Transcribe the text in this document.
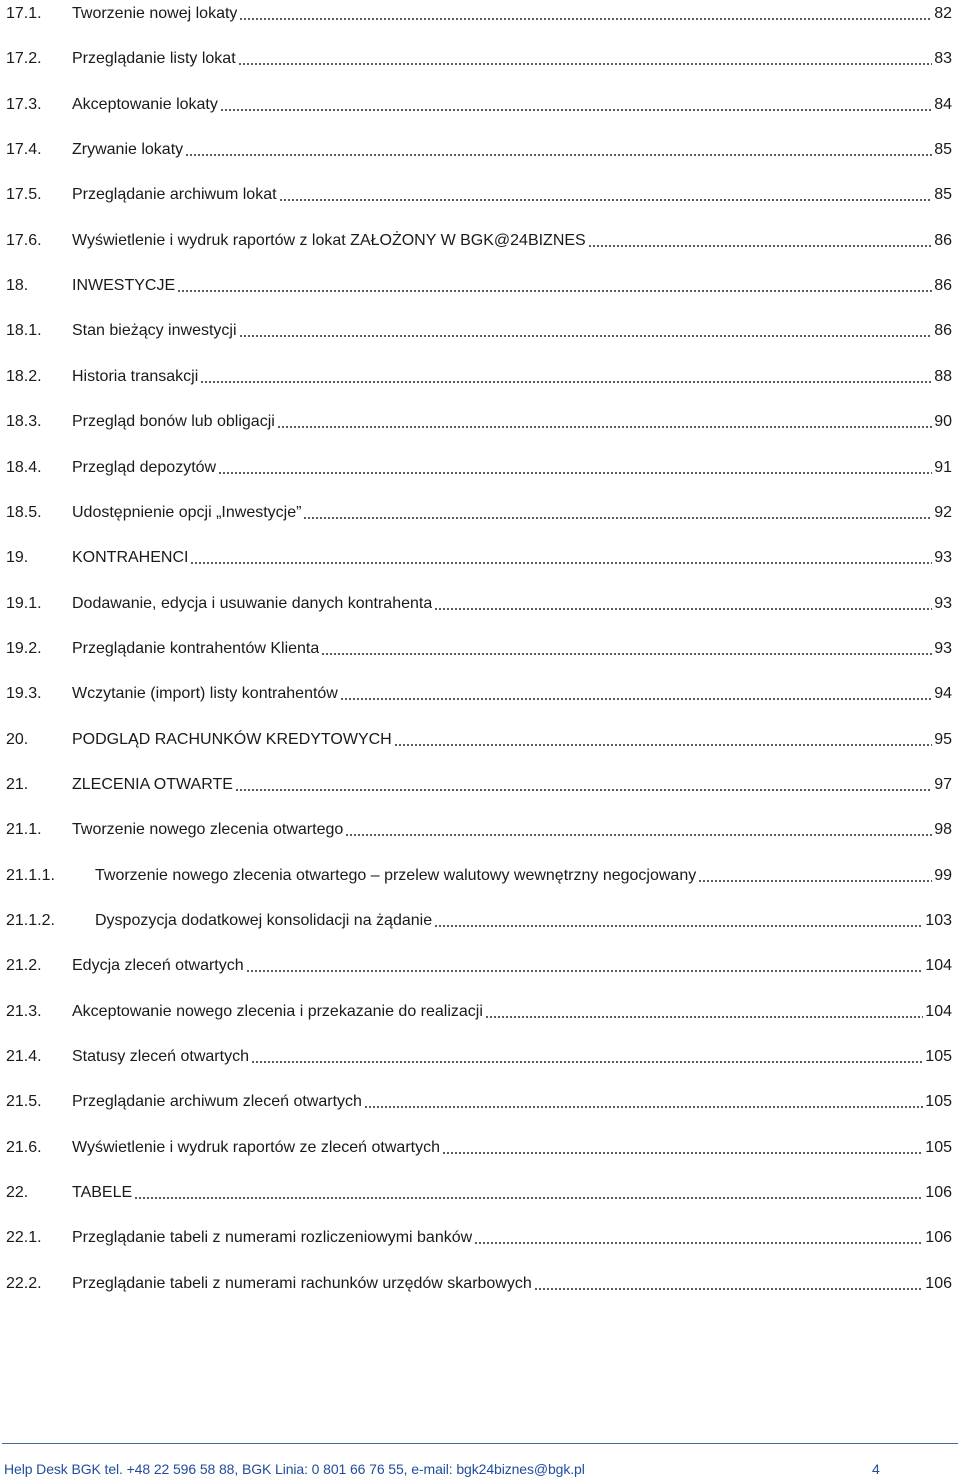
17.1.	Tworzenie nowej lokaty	82
17.2.	Przeglądanie listy lokat	83
17.3.	Akceptowanie lokaty	84
17.4.	Zrywanie lokaty	85
17.5.	Przeglądanie archiwum lokat	85
17.6.	Wyświetlenie i wydruk raportów z lokat ZAŁOŻONY W BGK@24BIZNES	86
18.	INWESTYCJE	86
18.1.	Stan bieżący inwestycji	86
18.2.	Historia transakcji	88
18.3.	Przegląd bonów lub obligacji	90
18.4.	Przegląd depozytów	91
18.5.	Udostępnienie opcji „Inwestycje”	92
19.	KONTRAHENCI	93
19.1.	Dodawanie, edycja i usuwanie danych kontrahenta	93
19.2.	Przeglądanie kontrahentów Klienta	93
19.3.	Wczytanie (import) listy kontrahentów	94
20.	PODGLĄD RACHUNKÓW KREDYTOWYCH	95
21.	ZLECENIA OTWARTE	97
21.1.	Tworzenie nowego zlecenia otwartego	98
21.1.1.	Tworzenie nowego zlecenia otwartego – przelew walutowy wewnętrzny negocjowany	99
21.1.2.	Dyspozycja dodatkowej konsolidacji na żądanie	103
21.2.	Edycja zleceń otwartych	104
21.3.	Akceptowanie nowego zlecenia i przekazanie do realizacji	104
21.4.	Statusy zleceń otwartych	105
21.5.	Przeglądanie archiwum zleceń otwartych	105
21.6.	Wyświetlenie i wydruk raportów ze zleceń otwartych	105
22.	TABELE	106
22.1.	Przeglądanie tabeli z numerami rozliczeniowymi banków	106
22.2.	Przeglądanie tabeli z numerami rachunków urzędów skarbowych	106
Help Desk BGK tel. +48 22 596 58 88, BGK Linia: 0 801 66 76 55, e-mail: bgk24biznes@bgk.pl	4
